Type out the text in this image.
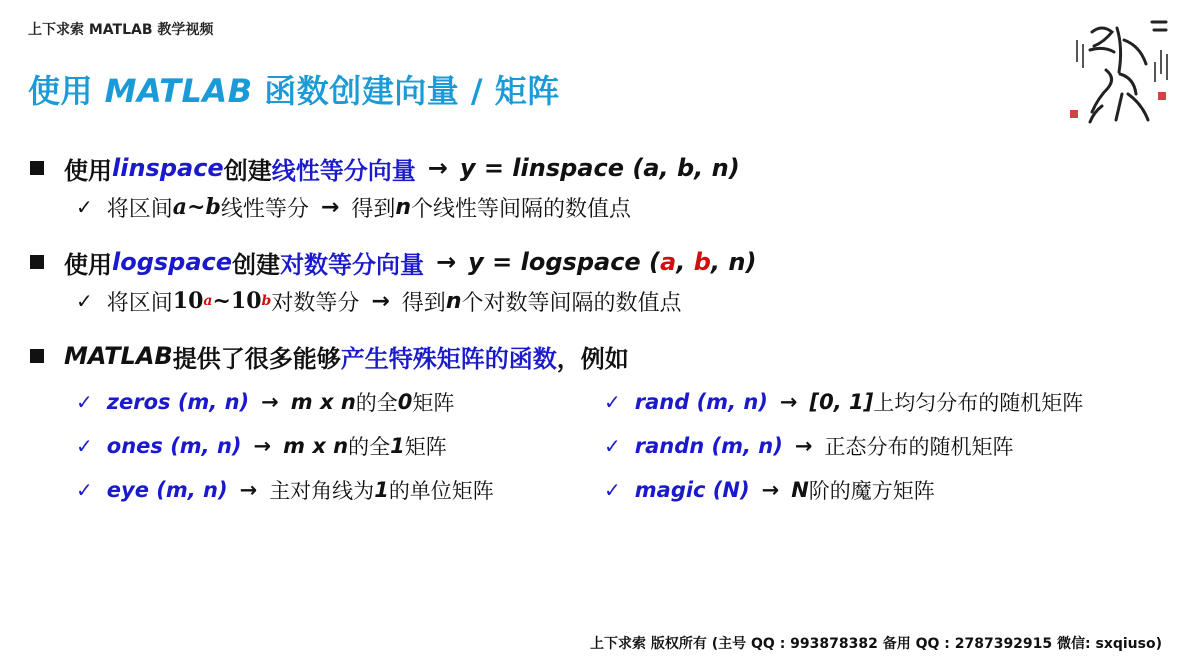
上下求索 MATLAB 教学视频
使用 MATLAB 函数创建向量 / 矩阵
使用 linspace 创建 线性等分向量 → y = linspace (a, b, n)
✓ 将区间 a ~ b 线性等分 → 得到 n 个线性等间隔的数值点
使用 logspace 创建 对数等分向量 → y = logspace (a, b, n)
✓ 将区间 10 a ~ 10 b 对数等分 → 得到 n 个对数等间隔的数值点
MATLAB 提供了很多能够 产生特殊矩阵的函数 ，例如
✓ zeros (m, n) → m x n 的全 0 矩阵	✓ rand (m, n) → [0, 1] 上均匀分布的随机矩阵
✓ ones (m, n) → m x n 的全 1 矩阵	✓ randn (m, n) → 正态分布的随机矩阵
✓ eye (m, n) → 主对角线为 1 的单位矩阵	✓ magic (N) → N 阶的魔方矩阵
上下求索 版权所有 (主号 QQ : 993878382 备用 QQ : 2787392915 微信: sxqiuso)
